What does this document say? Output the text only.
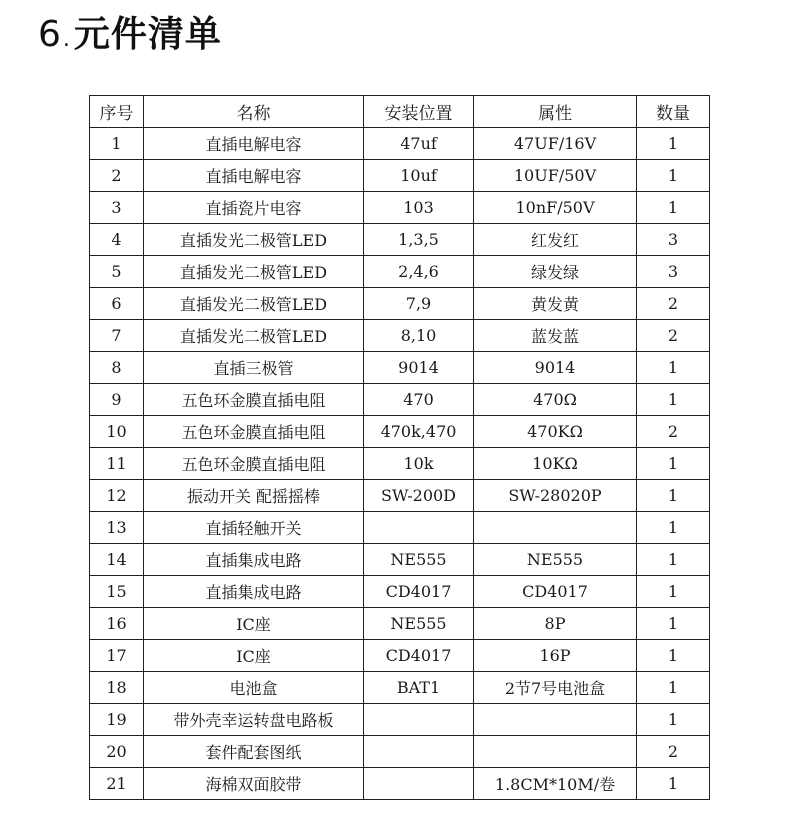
6 . 元件清单
序号	名称	安装位置	属性	数量
1	直插电解电容	47uf	47UF/16V	1
2	直插电解电容	10uf	10UF/50V	1
3	直插瓷片电容	103	10nF/50V	1
4	直插发光二极管LED	1,3,5	红发红	3
5	直插发光二极管LED	2,4,6	绿发绿	3
6	直插发光二极管LED	7,9	黄发黄	2
7	直插发光二极管LED	8,10	蓝发蓝	2
8	直插三极管	9014	9014	1
9	五色环金膜直插电阻	470	470Ω	1
10	五色环金膜直插电阻	470k,470	470KΩ	2
11	五色环金膜直插电阻	10k	10KΩ	1
12	振动开关 配摇摇棒	SW-200D	SW-28020P	1
13	直插轻触开关			1
14	直插集成电路	NE555	NE555	1
15	直插集成电路	CD4017	CD4017	1
16	IC座	NE555	8P	1
17	IC座	CD4017	16P	1
18	电池盒	BAT1	2节7号电池盒	1
19	带外壳幸运转盘电路板			1
20	套件配套图纸			2
21	海棉双面胶带		1.8CM*10M/卷	1
